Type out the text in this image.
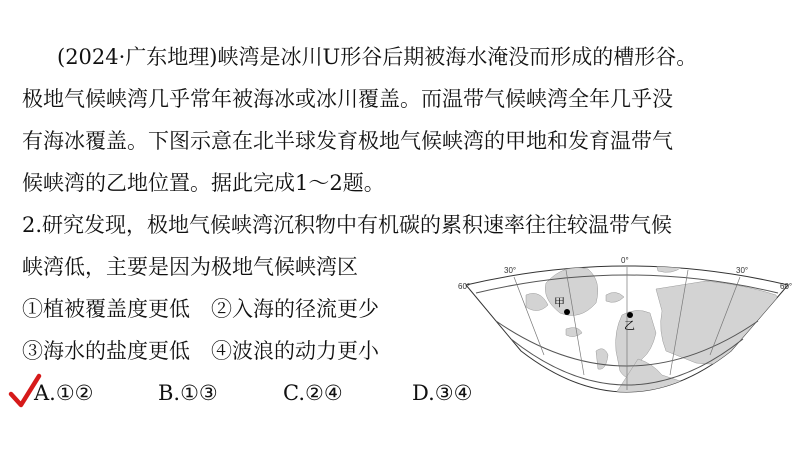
(2024·广东地理)峡湾是冰川U形谷后期被海水淹没而形成的槽形谷。
极地气候峡湾几乎常年被海冰或冰川覆盖。而温带气候峡湾全年几乎没
有海冰覆盖。下图示意在北半球发育极地气候峡湾的甲地和发育温带气
候峡湾的乙地位置。据此完成1～2题。
2.研究发现，极地气候峡湾沉积物中有机碳的累积速率往往较温带气候
峡湾低，主要是因为极地气候峡湾区
①植被覆盖度更低　②入海的径流更少
③海水的盐度更低　④波浪的动力更小
A.①②	B.①③	C.②④	D.③④
60°
30°
0°
30°
60°
甲
乙
